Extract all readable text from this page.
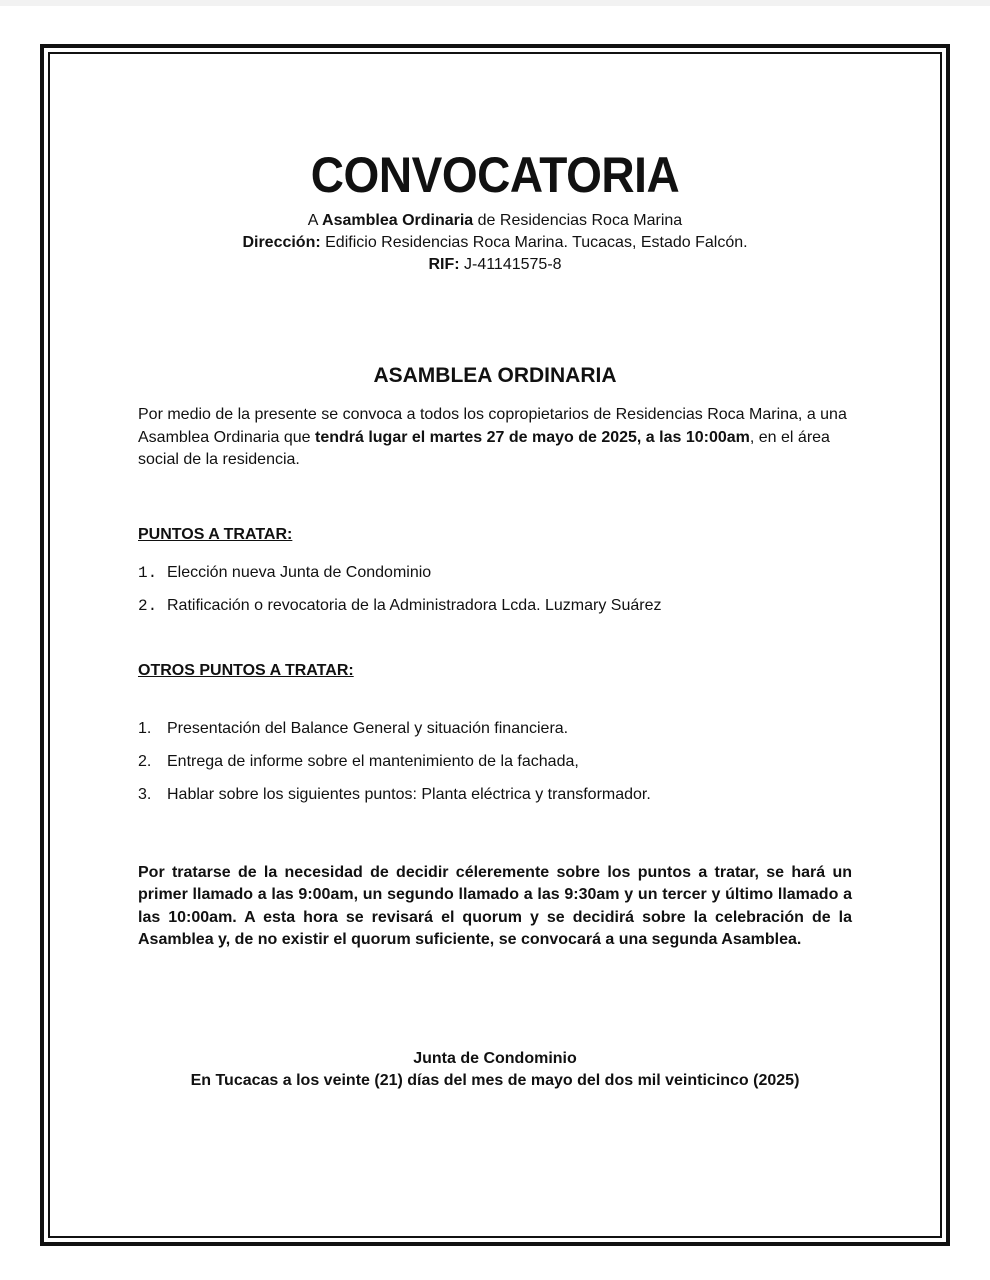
CONVOCATORIA
A Asamblea Ordinaria de Residencias Roca Marina
Dirección: Edificio Residencias Roca Marina. Tucacas, Estado Falcón.
RIF: J-41141575-8
ASAMBLEA ORDINARIA
Por medio de la presente se convoca a todos los copropietarios de Residencias Roca Marina, a una Asamblea Ordinaria que tendrá lugar el martes 27 de mayo de 2025, a las 10:00am, en el área social de la residencia.
PUNTOS A TRATAR:
1. Elección nueva Junta de Condominio
2. Ratificación o revocatoria de la Administradora Lcda. Luzmary Suárez
OTROS PUNTOS A TRATAR:
1. Presentación del Balance General y situación financiera.
2. Entrega de informe sobre el mantenimiento de la fachada,
3. Hablar sobre los siguientes puntos: Planta eléctrica y transformador.
Por tratarse de la necesidad de decidir céleremente sobre los puntos a tratar, se hará un primer llamado a las 9:00am, un segundo llamado a las 9:30am y un tercer y último llamado a las 10:00am. A esta hora se revisará el quorum y se decidirá sobre la celebración de la Asamblea y, de no existir el quorum suficiente, se convocará a una segunda Asamblea.
Junta de Condominio
En Tucacas a los veinte (21) días del mes de mayo del dos mil veinticinco (2025)
